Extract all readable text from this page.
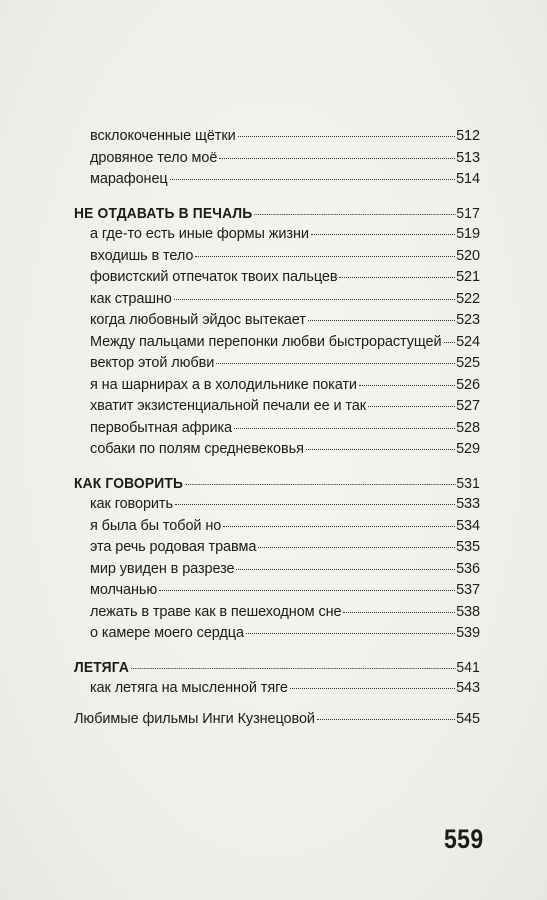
всклокоченные щётки	512
дровяное тело моё	513
марафонец	514
НЕ ОТДАВАТЬ В ПЕЧАЛЬ	517
а где-то есть иные формы жизни	519
входишь в тело	520
фовистский отпечаток твоих пальцев	521
как страшно	522
когда любовный эйдос вытекает	523
Между пальцами перепонки любви быстрорастущей 524
вектор этой любви	525
я на шарнирах а в холодильнике покати	526
хватит экзистенциальной печали ее и так	527
первобытная африка	528
собаки по полям средневековья	529
КАК ГОВОРИТЬ	531
как говорить	533
я была бы тобой но	534
эта речь родовая травма	535
мир увиден в разрезе	536
молчанью	537
лежать в траве как в пешеходном сне	538
о камере моего сердца	539
ЛЕТЯГА	541
как летяга на мысленной тяге	543
Любимые фильмы Инги Кузнецовой	545
559
